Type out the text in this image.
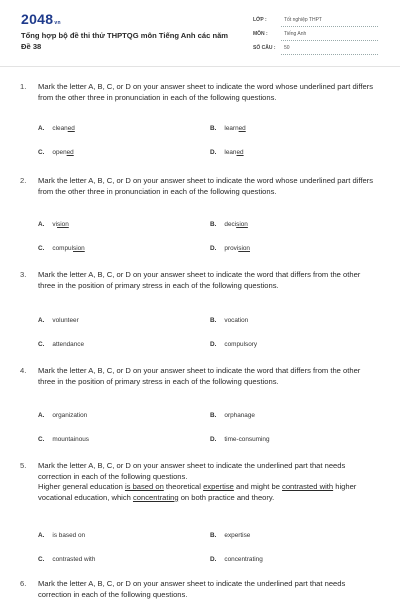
2048vn
Tổng hợp bộ đề thi thử THPTQG môn Tiếng Anh các năm
Đề 38
LỚP :	Tốt nghiệp THPT
MÔN :	Tiếng Anh
SỐ CÂU : 50
1. Mark the letter A, B, C, or D on your answer sheet to indicate the word whose underlined part differs from the other three in pronunciation in each of the following questions.
2. Mark the letter A, B, C, or D on your answer sheet to indicate the word whose underlined part differs from the other three in pronunciation in each of the following questions.
3. Mark the letter A, B, C, or D on your answer sheet to indicate the word that differs from the other three in the position of primary stress in each of the following questions.
4. Mark the letter A, B, C, or D on your answer sheet to indicate the word that differs from the other three in the position of primary stress in each of the following questions.
5. Mark the letter A, B, C, or D on your answer sheet to indicate the underlined part that needs correction in each of the following questions.
Higher general education is based on theoretical expertise and might be contrasted with higher vocational education, which concentrating on both practice and theory.
6. Mark the letter A, B, C, or D on your answer sheet to indicate the underlined part that needs correction in each of the following questions.
A. cleaned	B. learned
C. opened	D. leaned
A. vision	B. decision
C. compulsion	D. provision
A. volunteer	B. vocation
C. attendance	D. compulsory
A. organization	B. orphanage
C. mountainous	D. time-consuming
A. is based on	B. expertise
C. contrasted with	D. concentrating
